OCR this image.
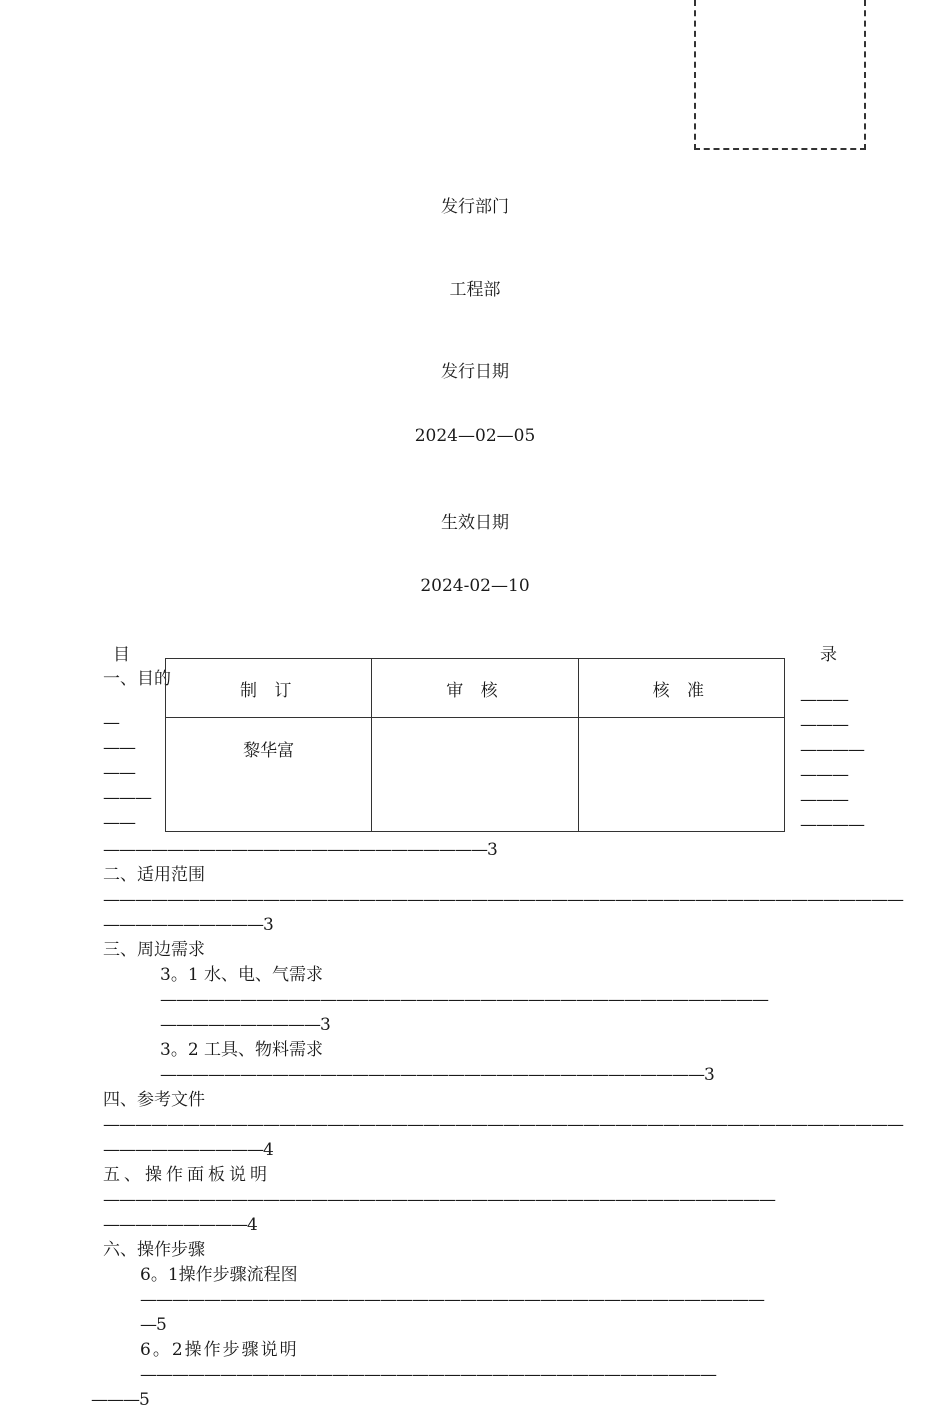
发行部门
工程部
发行日期
2024—02—05
生效日期
2024-02—10
目
一、目的
—
——
——
———
——
录
———
———
————
———
———
————
制 订	审 核	核 准
黎华富		
————————————————————————3
二、适用范围——————————————————————————————————————————————————
——————————3
三、周边需求
3。1 水、电、气需求——————————————————————————————————————
——————————3
3。2 工具、物料需求——————————————————————————————————3
四、参考文件——————————————————————————————————————————————————
——————————4
五、操作面板说明——————————————————————————————————————————
—————————4
六、操作步骤
6。1操作步骤流程图———————————————————————————————————————
—5
6。2操作步骤说明 ————————————————————————————————————
———5
